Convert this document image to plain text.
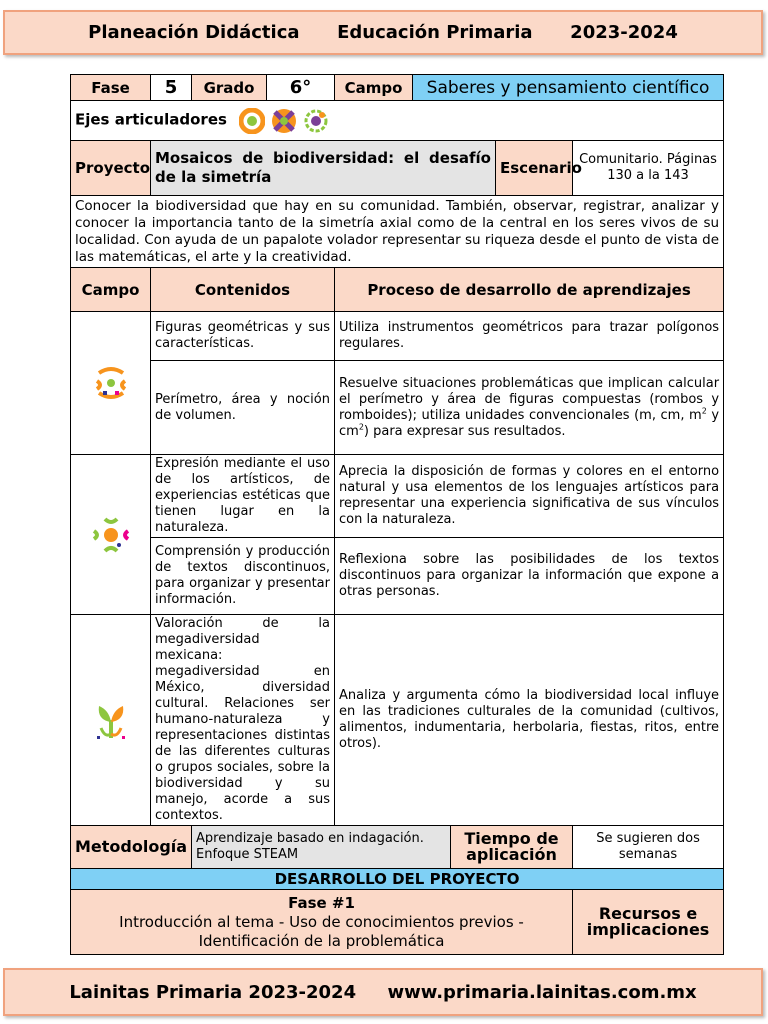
Planeación Didáctica
Educación Primaria
2023-2024
Fase	5	Grado	6°	Campo	Saberes y pensamiento científico			
Ejes articuladores								

Proyecto	Mosaicos de biodiversidad: el desafío de la simetría						Escenario	Comunitario. Páginas 130 a la 143
Conocer la biodiversidad que hay en su comunidad. También, observar, registrar, analizar y conocer la importancia tanto de la simetría axial como de la central en los seres vivos de su localidad. Con ayuda de un papalote volador representar su riqueza desde el punto de vista de las matemáticas, el arte y la creatividad.								
Campo	Contenidos			Proceso de desarrollo de aprendizajes				

	Figuras geométricas y sus características.			Utiliza instrumentos geométricos para trazar polígonos regulares.				
	Perímetro, área y noción de volumen.			Resuelve situaciones problemáticas que implican calcular el perímetro y área de figuras compuestas (rombos y romboides); utiliza unidades convencionales (m, cm, $m^2$ y $cm^2$) para expresar sus resultados.				

	Expresión mediante el uso de los artísticos, de experiencias estéticas que tienen lugar en la naturaleza.			Aprecia la disposición de formas y colores en el entorno natural y usa elementos de los lenguajes artísticos para representar una experiencia significativa de sus vínculos con la naturaleza.				
	Comprensión y producción de textos discontinuos, para organizar y presentar información.			Reflexiona sobre las posibilidades de los textos discontinuos para organizar la información que expone a otras personas.				

	Valoración de la megadiversidad mexicana: megadiversidad en México, diversidad cultural. Relaciones ser humano-naturaleza y representaciones distintas de las diferentes culturas o grupos sociales, sobre la biodiversidad y su manejo, acorde a sus contextos.			Analiza y argumenta cómo la biodiversidad local influye en las tradiciones culturales de la comunidad (cultivos, alimentos, indumentaria, herbolaria, fiestas, ritos, entre otros).				
Metodología		Aprendizaje basado en indagación. Enfoque STEAM				Tiempo de aplicación		Se sugieren dos semanas
DESARROLLO DEL PROYECTO								

Fase #1
Introducción al tema - Uso de conocimientos previos - Identificación de la problemática								Recursos e implicaciones
Lainitas Primaria 2023-2024
www.primaria.lainitas.com.mx
